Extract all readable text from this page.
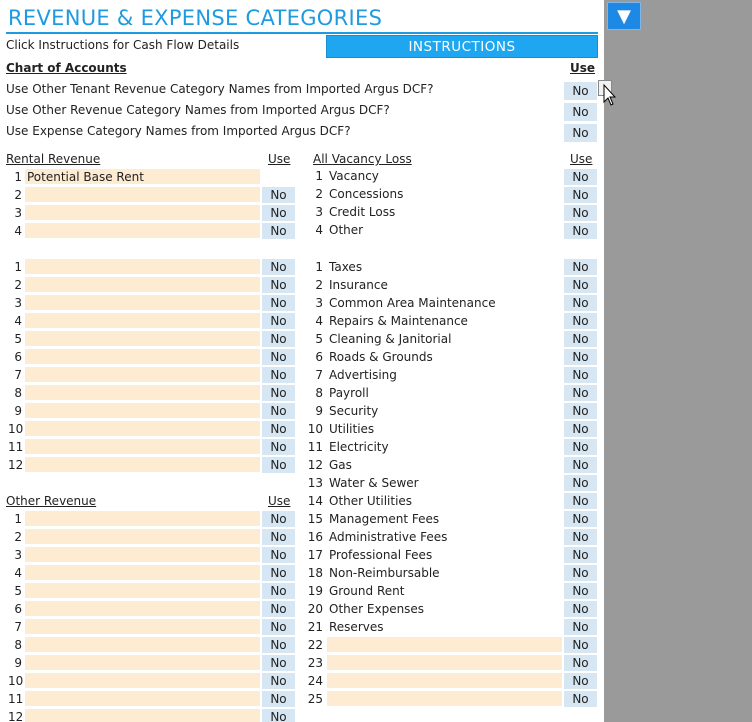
REVENUE & EXPENSE CATEGORIES
Click Instructions for Cash Flow Details	INSTRUCTIONS
Chart of Accounts	Use
Use Other Tenant Revenue Category Names from Imported Argus DCF?	No
Use Other Revenue Category Names from Imported Argus DCF?	No
Use Expense Category Names from Imported Argus DCF?	No
Rental Revenue	Use
1 Potential Base Rent
2	No
3	No
4	No
All Vacancy Loss	Use
1 Vacancy	No
2 Concessions	No
3 Credit Loss	No
4 Other	No
1	No
2	No
3	No
4	No
5	No
6	No
7	No
8	No
9	No
10	No
11	No
12	No
1 Taxes	No
2 Insurance	No
3 Common Area Maintenance	No
4 Repairs & Maintenance	No
5 Cleaning & Janitorial	No
6 Roads & Grounds	No
7 Advertising	No
8 Payroll	No
9 Security	No
10 Utilities	No
11 Electricity	No
12 Gas	No
13 Water & Sewer	No
14 Other Utilities	No
15 Management Fees	No
16 Administrative Fees	No
17 Professional Fees	No
18 Non-Reimbursable	No
19 Ground Rent	No
20 Other Expenses	No
21 Reserves	No
22	No
23	No
24	No
25	No
Other Revenue	Use
1	No
2	No
3	No
4	No
5	No
6	No
7	No
8	No
9	No
10	No
11	No
12	No
▼
